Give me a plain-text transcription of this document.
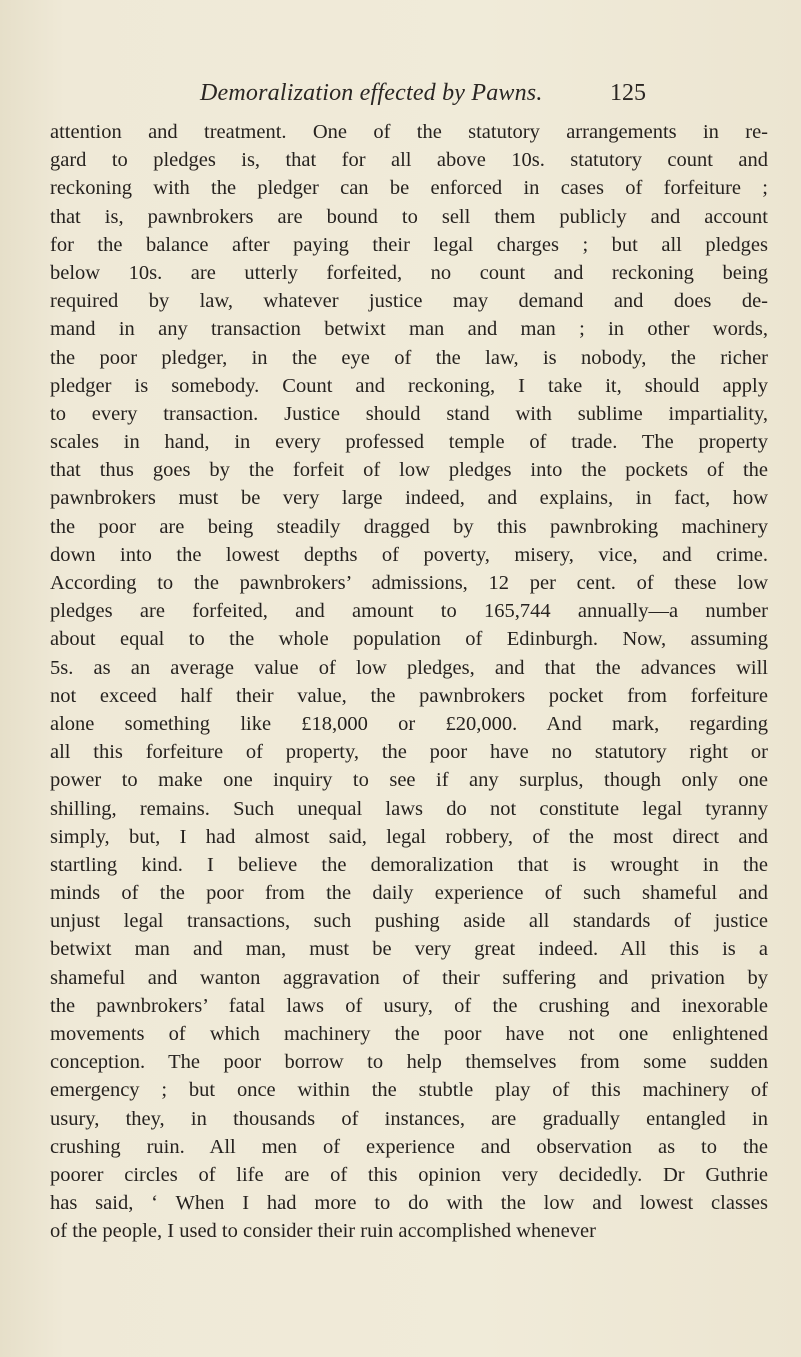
Demoralization effected by Pawns.	125
attention and treatment. One of the statutory arrangements in re-
gard to pledges is, that for all above 10s. statutory count and
reckoning with the pledger can be enforced in cases of forfeiture ;
that is, pawnbrokers are bound to sell them publicly and account
for the balance after paying their legal charges ; but all pledges
below 10s. are utterly forfeited, no count and reckoning being
required by law, whatever justice may demand and does de-
mand in any transaction betwixt man and man ; in other words,
the poor pledger, in the eye of the law, is nobody, the richer
pledger is somebody. Count and reckoning, I take it, should apply
to every transaction. Justice should stand with sublime impartiality,
scales in hand, in every professed temple of trade. The property
that thus goes by the forfeit of low pledges into the pockets of the
pawnbrokers must be very large indeed, and explains, in fact, how
the poor are being steadily dragged by this pawnbroking machinery
down into the lowest depths of poverty, misery, vice, and crime.
According to the pawnbrokers’ admissions, 12 per cent. of these low
pledges are forfeited, and amount to 165,744 annually—a number
about equal to the whole population of Edinburgh. Now, assuming
5s. as an average value of low pledges, and that the advances will
not exceed half their value, the pawnbrokers pocket from forfeiture
alone something like £18,000 or £20,000. And mark, regarding
all this forfeiture of property, the poor have no statutory right or
power to make one inquiry to see if any surplus, though only one
shilling, remains. Such unequal laws do not constitute legal tyranny
simply, but, I had almost said, legal robbery, of the most direct and
startling kind. I believe the demoralization that is wrought in the
minds of the poor from the daily experience of such shameful and
unjust legal transactions, such pushing aside all standards of justice
betwixt man and man, must be very great indeed. All this is a
shameful and wanton aggravation of their suffering and privation by
the pawnbrokers’ fatal laws of usury, of the crushing and inexorable
movements of which machinery the poor have not one enlightened
conception. The poor borrow to help themselves from some sudden
emergency ; but once within the stubtle play of this machinery of
usury, they, in thousands of instances, are gradually entangled in
crushing ruin. All men of experience and observation as to the
poorer circles of life are of this opinion very decidedly. Dr Guthrie
has said, ‘ When I had more to do with the low and lowest classes
of the people, I used to consider their ruin accomplished whenever
